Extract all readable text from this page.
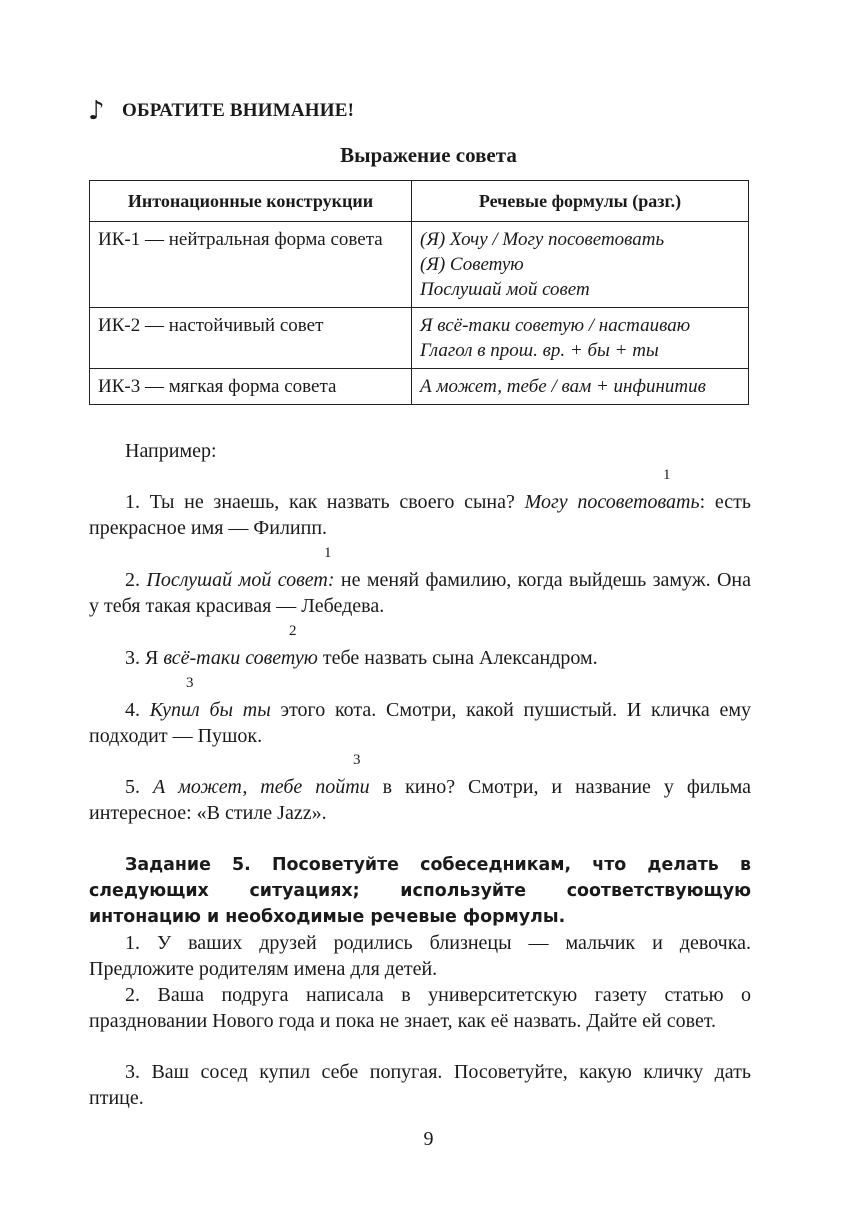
♪ ОБРАТИТЕ ВНИМАНИЕ!
Выражение совета
Интонационные конструкции	Речевые формулы (разг.)
ИК-1 — нейтральная форма совета	(Я) Хочу / Могу посоветовать
(Я) Советую
Послушай мой совет

ИК-2 — настойчивый совет	Я всё-таки советую / настаиваю
Глагол в прош. вр. + бы + ты

ИК-3 — мягкая форма совета	А может, тебе / вам + инфинитив
Например:
1
1. Ты не знаешь, как назвать своего сына? Могу посоветовать: есть прекрасное имя — Филипп.
1
2. Послушай мой совет: не меняй фамилию, когда выйдешь замуж. Она у тебя такая красивая — Лебедева.
2
3. Я всё-таки советую тебе назвать сына Александром.
3
4. Купил бы ты этого кота. Смотри, какой пушистый. И кличка ему подходит — Пушок.
3
5. А может, тебе пойти в кино? Смотри, и название у фильма интересное: «В стиле Jazz».
Задание 5. Посоветуйте собеседникам, что делать в следующих ситуациях; используйте соответствующую интонацию и необходимые речевые формулы.
1. У ваших друзей родились близнецы — мальчик и девочка. Предложите родителям имена для детей.
2. Ваша подруга написала в университетскую газету статью о праздновании Нового года и пока не знает, как её назвать. Дайте ей совет.
3. Ваш сосед купил себе попугая. Посоветуйте, какую кличку дать птице.
9
